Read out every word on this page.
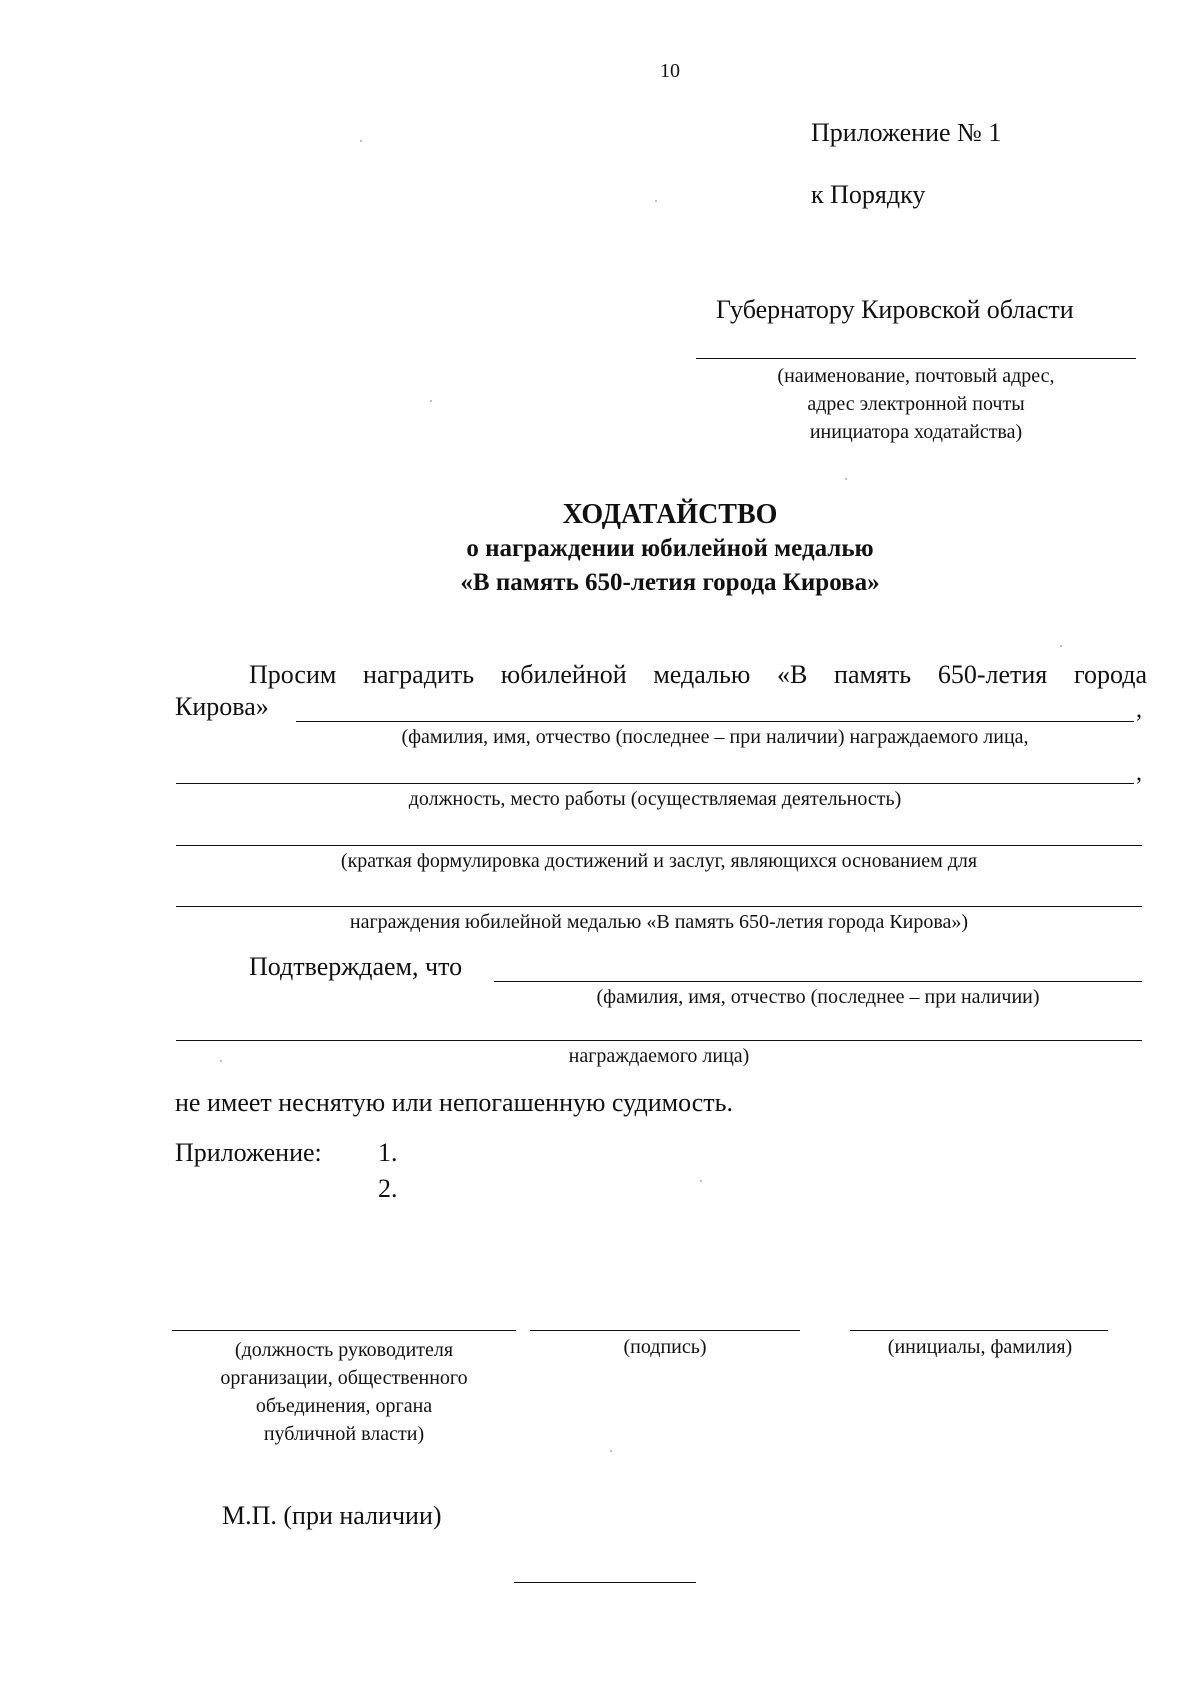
10
Приложение № 1
к Порядку
Губернатору Кировской области
(наименование, почтовый адрес,
адрес электронной почты
инициатора ходатайства)
ХОДАТАЙСТВО
о награждении юбилейной медалью
«В память 650-летия города Кирова»
Просим наградить юбилейной медалью «В память 650-летия города
Кирова»	,
(фамилия, имя, отчество (последнее – при наличии) награждаемого лица,
,
должность, место работы (осуществляемая деятельность)
(краткая формулировка достижений и заслуг, являющихся основанием для
награждения юбилейной медалью «В память 650-летия города Кирова»)
Подтверждаем, что
(фамилия, имя, отчество (последнее – при наличии)
награждаемого лица)
не имеет неснятую или непогашенную судимость.
Приложение: 1.
2.
(должность руководителя
организации, общественного
объединения, органа
публичной власти)
(подпись)	(инициалы, фамилия)
М.П. (при наличии)
